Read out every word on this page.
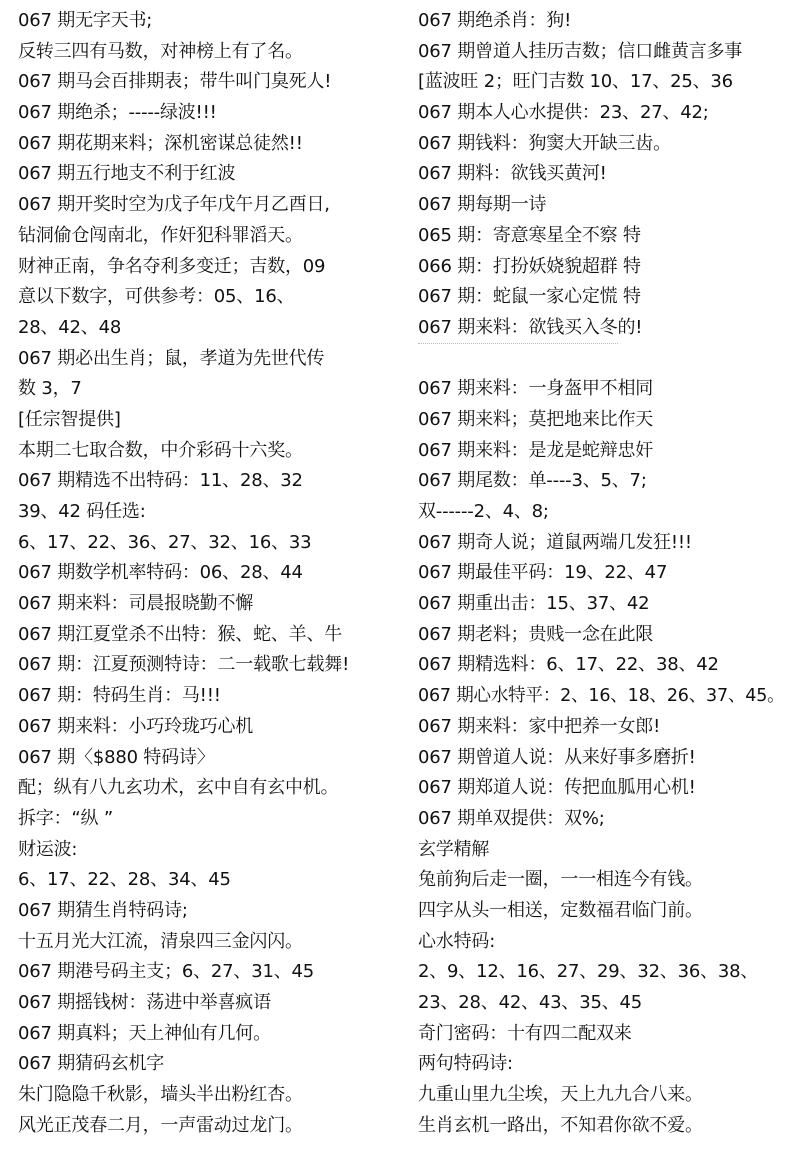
067 期无字天书;
反转三四有马数，对神榜上有了名。
067 期马会百排期表；带牛叫门臭死人!
067 期绝杀；-----绿波!!!
067 期花期来料；深机密谋总徒然!!
067 期五行地支不利于红波
067 期开奖时空为戊子年戊午月乙酉日,
钻洞偷仓闯南北，作奸犯科罪滔天。
财神正南，争名夺利多变迁；吉数，09
意以下数字，可供参考：05、16、
28、42、48
067 期必出生肖；鼠，孝道为先世代传
数 3，7
[任宗智提供]
本期二七取合数，中介彩码十六奖。
067 期精选不出特码：11、28、32
39、42 码任选:
6、17、22、36、27、32、16、33
067 期数学机率特码：06、28、44
067 期来料：司晨报晓勤不懈
067 期江夏堂杀不出特：猴、蛇、羊、牛
067 期：江夏预测特诗：二一载歌七载舞!
067 期：特码生肖：马!!!
067 期来料：小巧玲珑巧心机
067 期〈$880 特码诗〉
配；纵有八九玄功术，玄中自有玄中机。
拆字：“纵 ”
财运波:
6、17、22、28、34、45
067 期猜生肖特码诗;
十五月光大江流，清泉四三金闪闪。
067 期港号码主支；6、27、31、45
067 期摇钱树：荡进中举喜疯语
067 期真料；天上神仙有几何。
067 期猜码玄机字
朱门隐隐千秋影，墙头半出粉红杏。
风光正茂春二月，一声雷动过龙门。
067 期绝杀肖：狗!
067 期曾道人挂历吉数；信口雌黄言多事
[蓝波旺 2；旺门吉数 10、17、25、36
067 期本人心水提供：23、27、42;
067 期钱料：狗窦大开缺三齿。
067 期料：欲钱买黄河!
067 期每期一诗
065 期：寄意寒星全不察 特
066 期：打扮妖娆貌超群 特
067 期：蛇鼠一家心定慌 特
067 期来料：欲钱买入冬的!
067 期来料：一身盔甲不相同
067 期来料；莫把地来比作天
067 期来料：是龙是蛇辩忠奸
067 期尾数：单----3、5、7;
双------2、4、8;
067 期奇人说；道鼠两端几发狂!!!
067 期最佳平码：19、22、47
067 期重出击：15、37、42
067 期老料；贵贱一念在此限
067 期精选料：6、17、22、38、42
067 期心水特平：2、16、18、26、37、45。
067 期来料：家中把养一女郎!
067 期曾道人说：从来好事多磨折!
067 期郑道人说：传把血胍用心机!
067 期单双提供：双%;
玄学精解
兔前狗后走一圈，一一相连今有钱。
四字从头一相送，定数福君临门前。
心水特码:
2、9、12、16、27、29、32、36、38、
23、28、42、43、35、45
奇门密码：十有四二配双来
两句特码诗:
九重山里九尘埃，天上九九合八来。
生肖玄机一路出，不知君你欲不爱。
